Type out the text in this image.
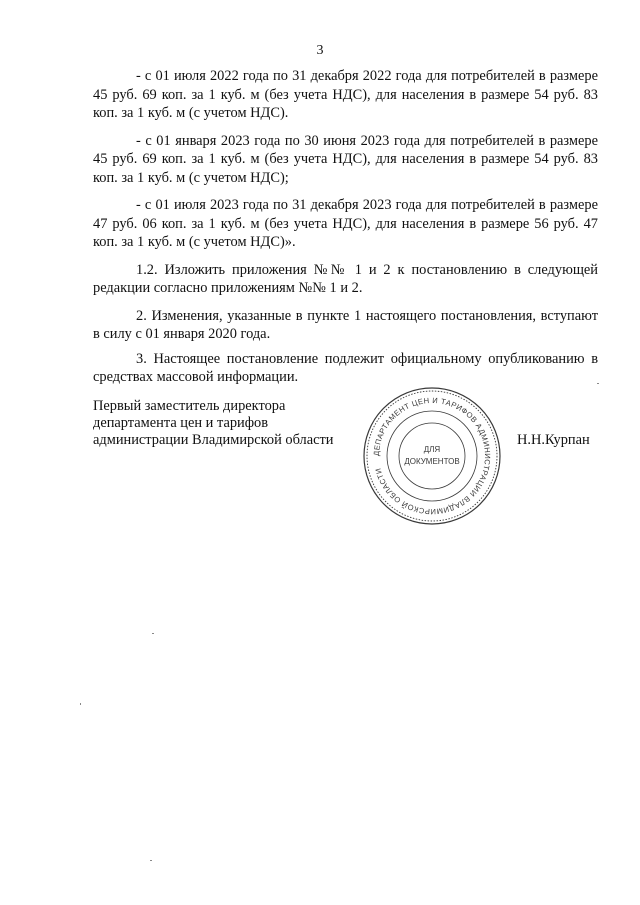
3

- с 01 июля 2022 года по 31 декабря 2022 года для потребителей в размере 45 руб. 69 коп. за 1 куб. м (без учета НДС), для населения в размере 54 руб. 83 коп. за 1 куб. м (с учетом НДС).

- с 01 января 2023 года по 30 июня 2023 года для потребителей в размере 45 руб. 69 коп. за 1 куб. м (без учета НДС), для населения в размере 54 руб. 83 коп. за 1 куб. м (с учетом НДС);

- с 01 июля 2023 года по 31 декабря 2023 года для потребителей в размере 47 руб. 06 коп. за 1 куб. м (без учета НДС), для населения в размере 56 руб. 47 коп. за 1 куб. м (с учетом НДС)».

1.2. Изложить приложения №№ 1 и 2 к постановлению в следующей редакции согласно приложениям №№ 1 и 2.

2. Изменения, указанные в пункте 1 настоящего постановления, вступают в силу с 01 января 2020 года.

3. Настоящее постановление подлежит официальному опубликованию в средствах массовой информации.

Первый заместитель директора
департамента цен и тарифов
администрации Владимирской области	Н.Н.Курпан
ДЕПАРТАМЕНТ ЦЕН И ТАРИФОВ АДМИНИСТРАЦИИ ВЛАДИМИРСКОЙ ОБЛАСТИ
ДЛЯ
ДОКУМЕНТОВ
